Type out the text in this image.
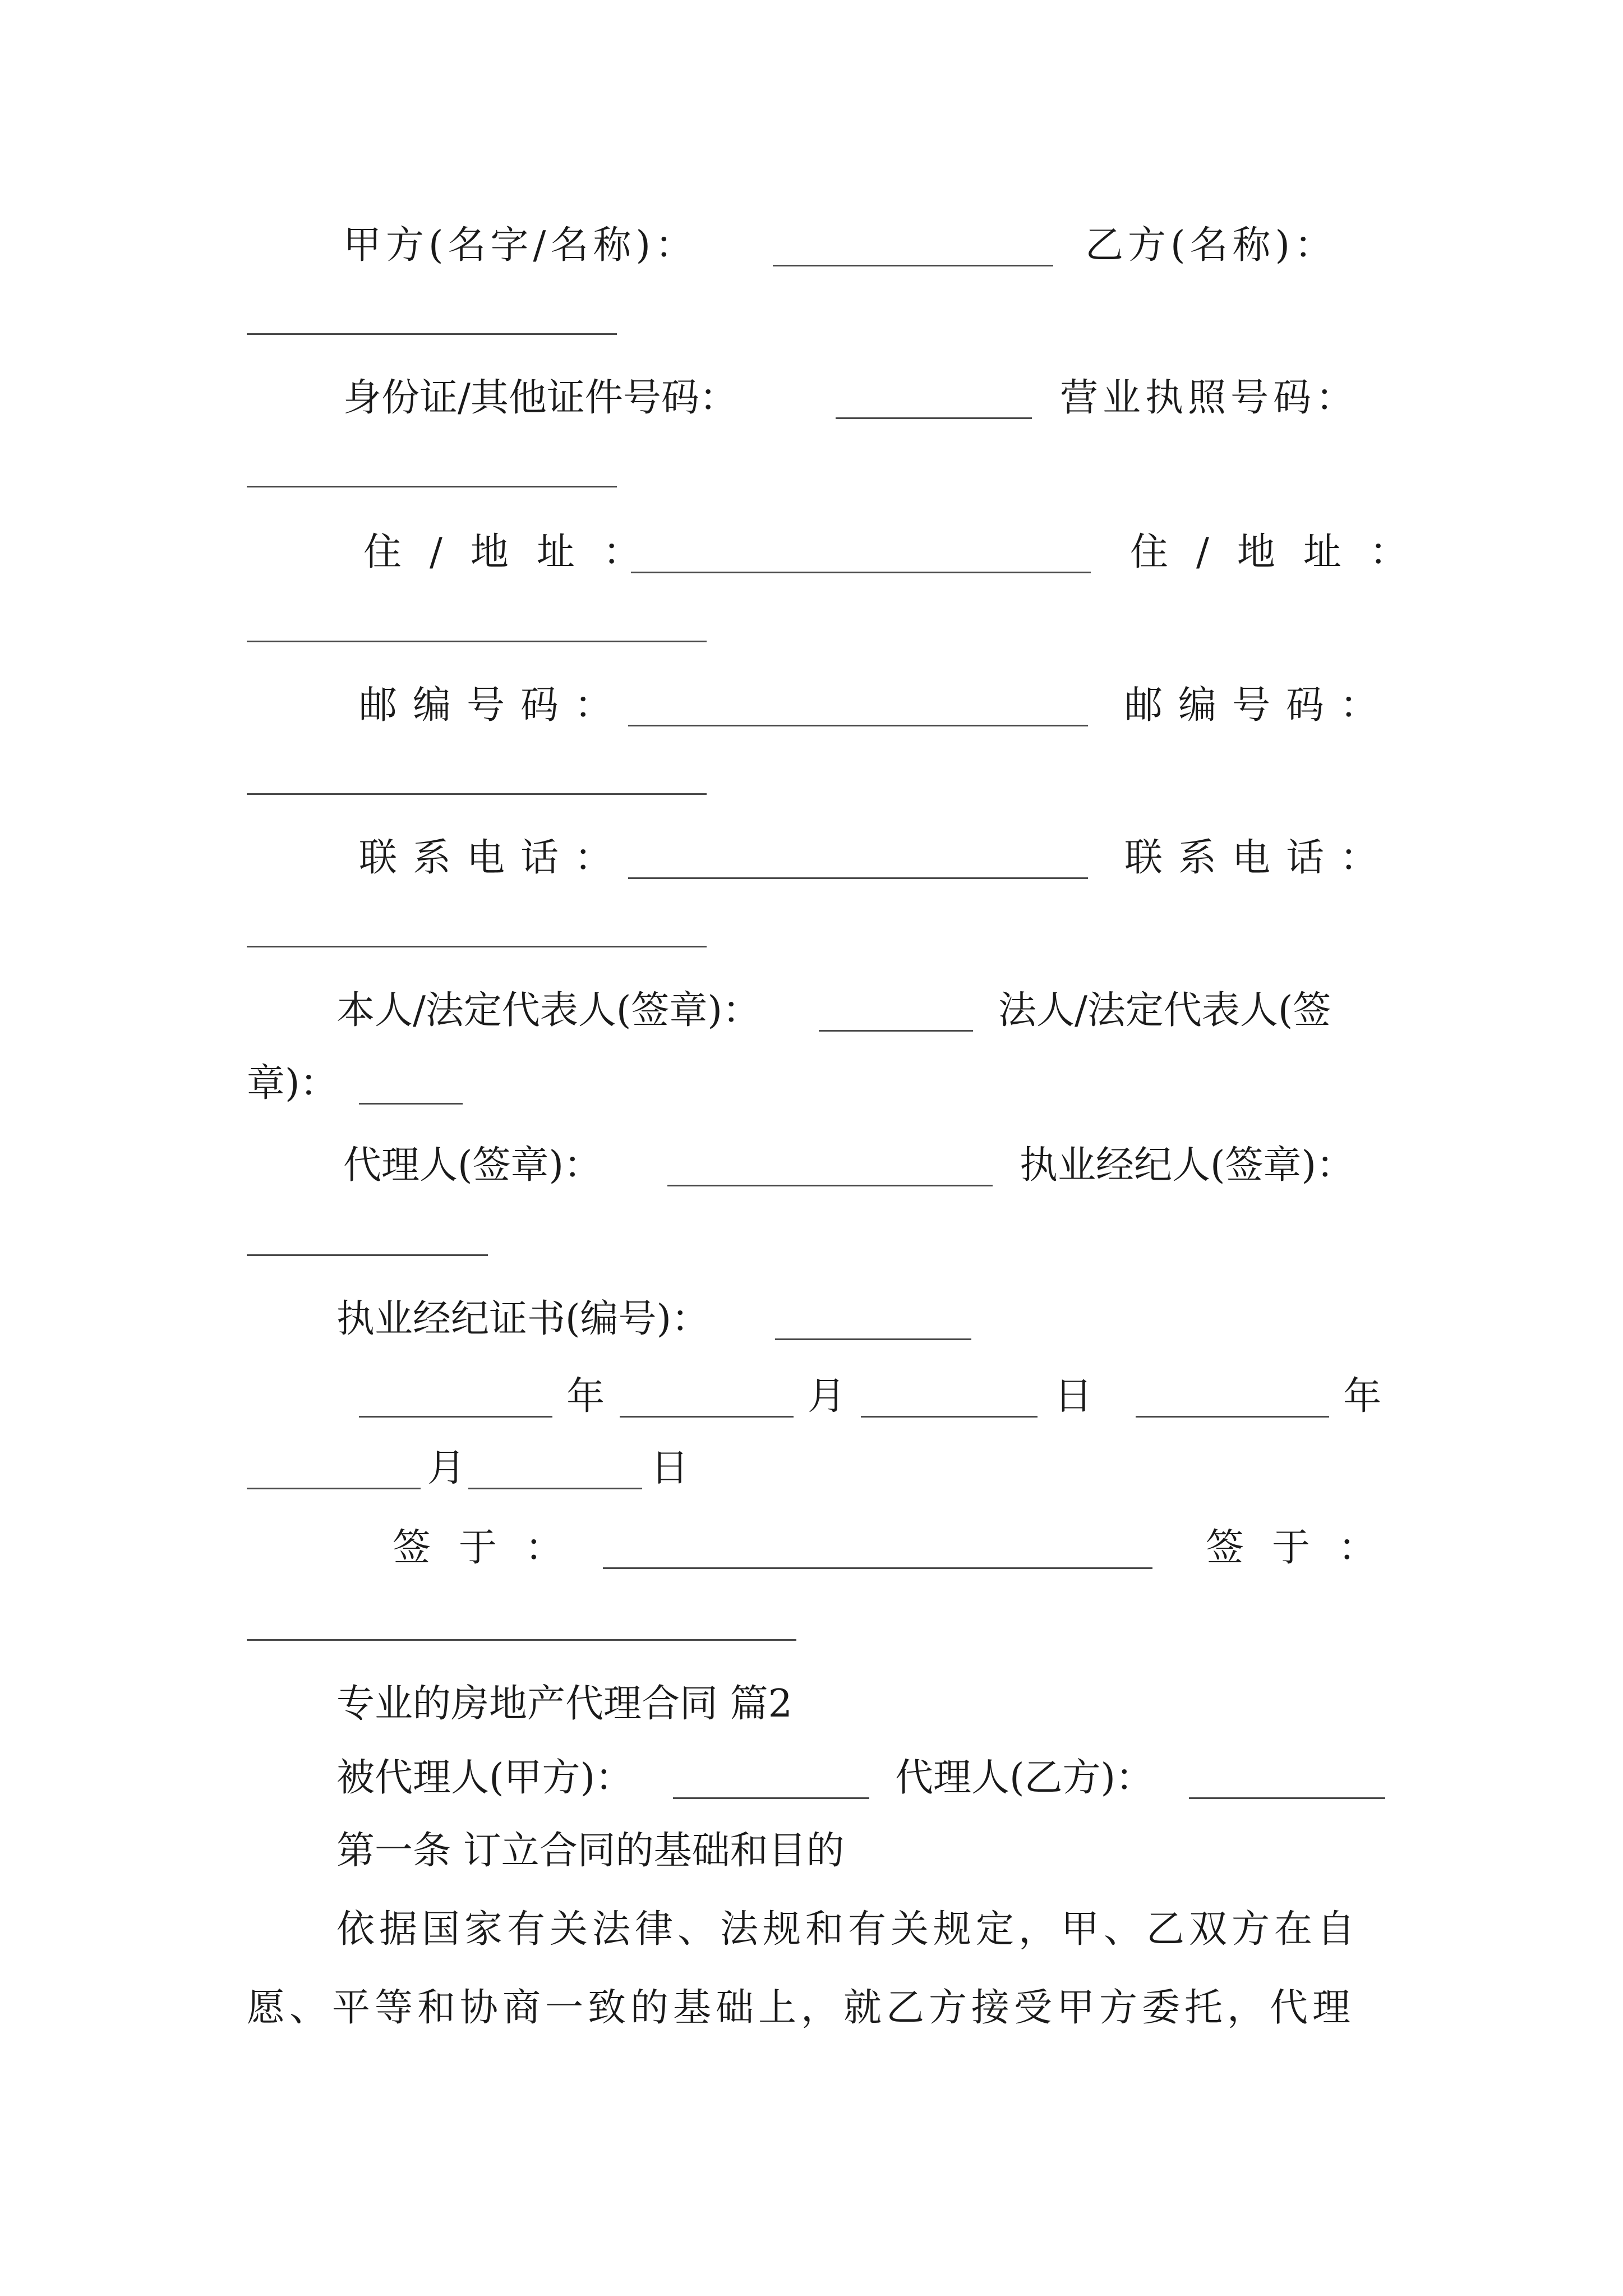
甲方(名字/名称)：	乙方(名称)：
身份证/其他证件号码：	营业执照号码：
住/地址：	住/地址：
邮编号码：	邮编号码：
联系电话：	联系电话：
本人/法定代表人(签章)：	法人/法定代表人(签
章)：
代理人(签章)：	执业经纪人(签章)：
执业经纪证书(编号)：
年	月	日	年
月	日
签于：	签于：
专业的房地产代理合同 篇2
被代理人(甲方)：	代理人(乙方)：
第一条 订立合同的基础和目的
依据国家有关法律、法规和有关规定，甲、乙双方在自
愿、平等和协商一致的基础上，就乙方接受甲方委托，代理
